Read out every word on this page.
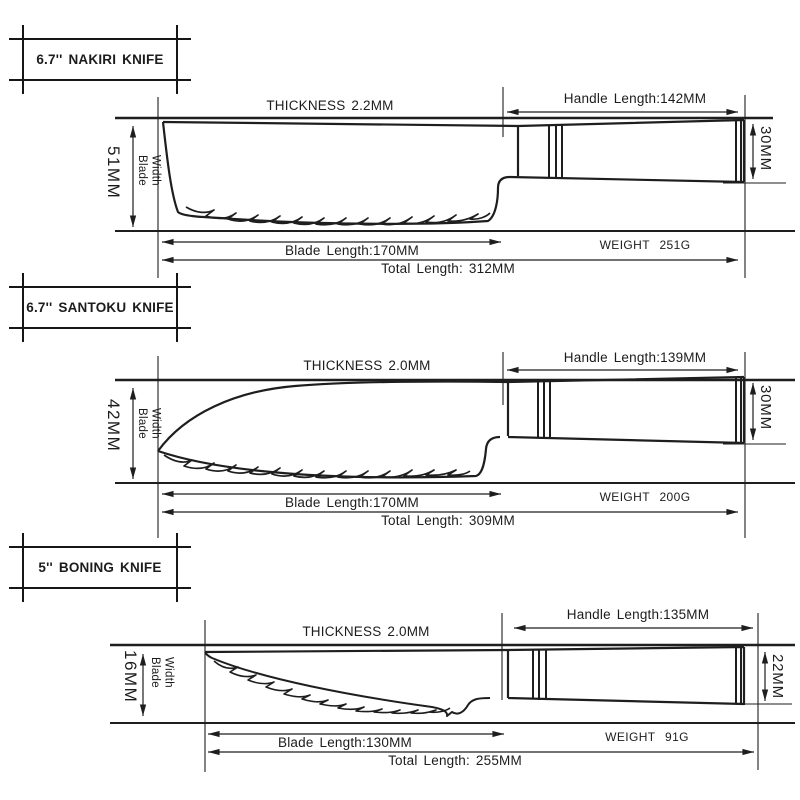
6.7'' NAKIRI KNIFE
THICKNESS 2.2MM	Handle Length:142MM
51MM Blade Width	30MM
Blade Length:170MM	WEIGHT 251G
Total Length: 312MM
6.7'' SANTOKU KNIFE
THICKNESS 2.0MM
Handle Length:139MM
42MM Blade Width	30MM
Blade Length:170MM	WEIGHT 200G
Total Length: 309MM
5'' BONING KNIFE
THICKNESS 2.0MM
Handle Length:135MM
16MM Blade Width	22MM
Blade Length:130MM	WEIGHT 91G
Total Length: 255MM
